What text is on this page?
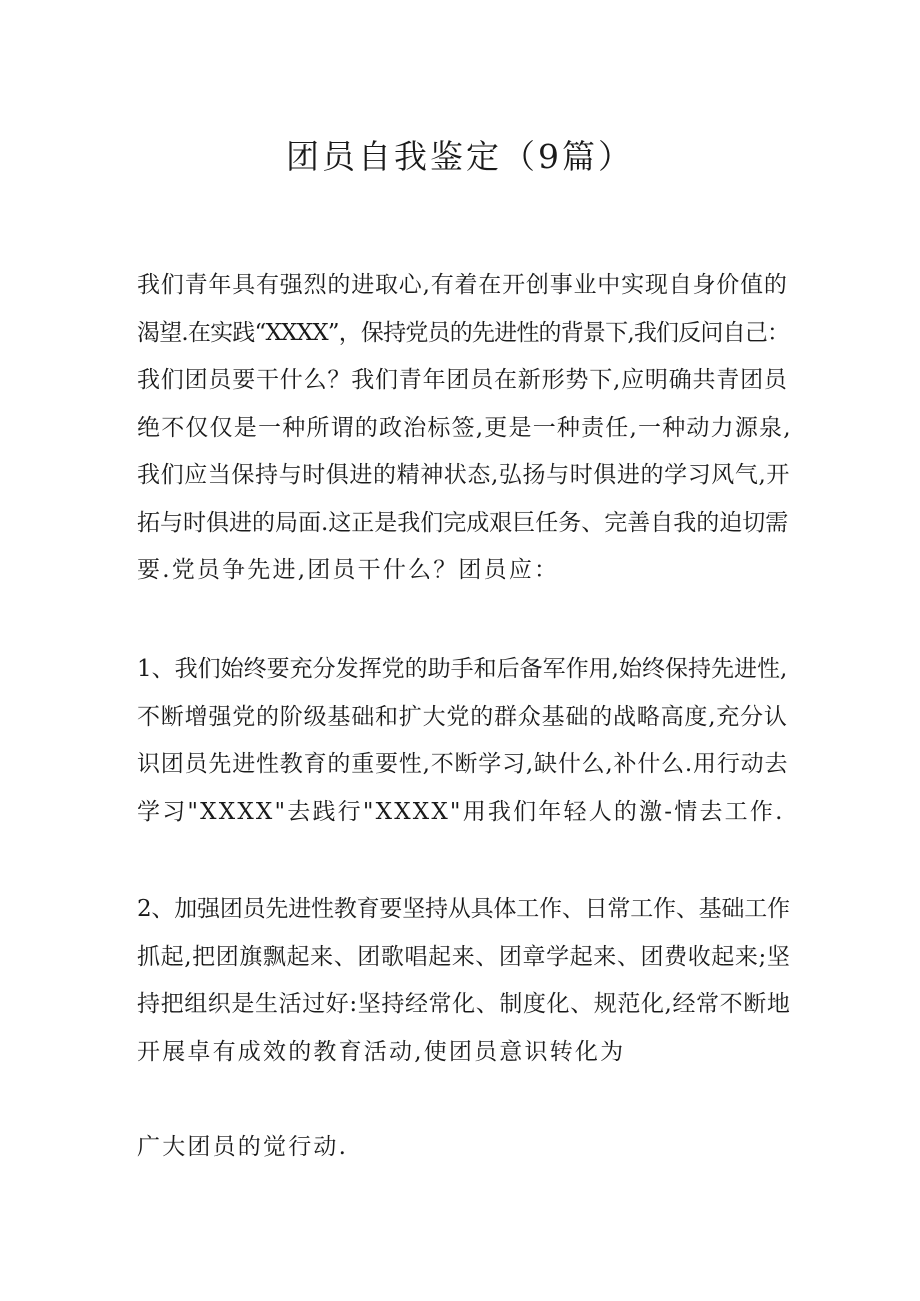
团员自我鉴定（9篇）
我们青年具有强烈的进取心,有着在开创事业中实现自身价值的
渴望.在实践“XXXX”，保持党员的先进性的背景下,我们反问自己：
我们团员要干什么？我们青年团员在新形势下,应明确共青团员
绝不仅仅是一种所谓的政治标签,更是一种责任,一种动力源泉,
我们应当保持与时俱进的精神状态,弘扬与时俱进的学习风气,开
拓与时俱进的局面.这正是我们完成艰巨任务、完善自我的迫切需
要.党员争先进,团员干什么？团员应：
1、我们始终要充分发挥党的助手和后备军作用,始终保持先进性,
不断增强党的阶级基础和扩大党的群众基础的战略高度,充分认
识团员先进性教育的重要性,不断学习,缺什么,补什么.用行动去
学习"XXXX"去践行"XXXX"用我们年轻人的激-情去工作.
2、加强团员先进性教育要坚持从具体工作、日常工作、基础工作
抓起,把团旗飘起来、团歌唱起来、团章学起来、团费收起来;坚
持把组织是生活过好:坚持经常化、制度化、规范化,经常不断地
开展卓有成效的教育活动,使团员意识转化为
广大团员的觉行动.
